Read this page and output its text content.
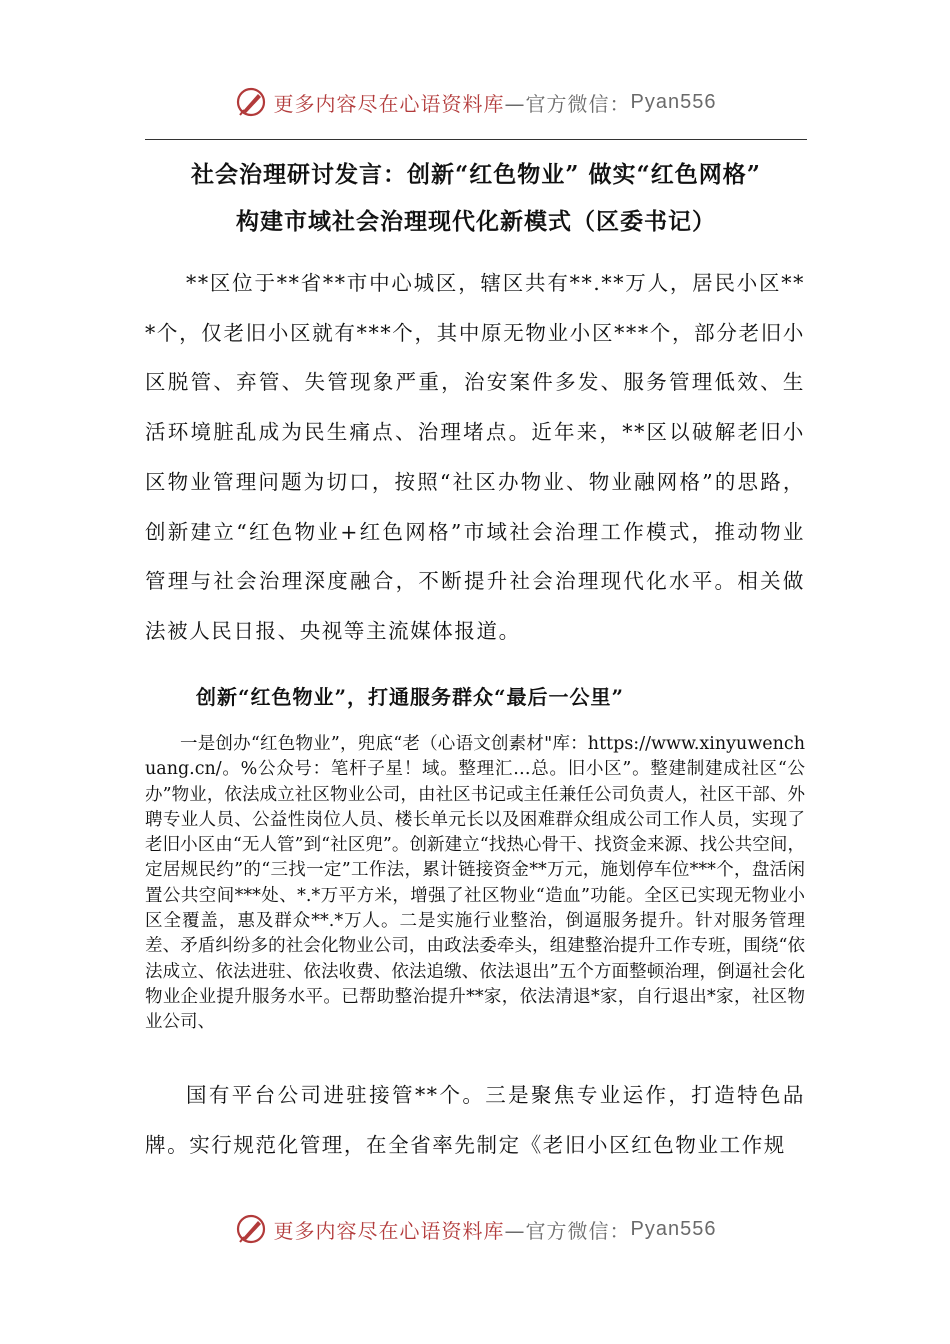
更多内容尽在心语资料库 —官方微信： Pyan556
社会治理研讨发言：创新“红色物业” 做实“红色网格”
构建市域社会治理现代化新模式（区委书记）

**区位于**省**市中心城区，辖区共有**.**万人，居民小区***个，仅老旧小区就有***个，其中原无物业小区***个，部分老旧小区脱管、弃管、失管现象严重，治安案件多发、服务管理低效、生活环境脏乱成为民生痛点、治理堵点。近年来，**区以破解老旧小区物业管理问题为切口，按照“社区办物业、物业融网格”的思路，创新建立“红色物业+红色网格”市域社会治理工作模式，推动物业管理与社会治理深度融合，不断提升社会治理现代化水平。相关做法被人民日报、央视等主流媒体报道。

创新“红色物业”，打通服务群众“最后一公里”

一是创办“红色物业”，兜底“老（心语文创素材"库：https://www.xinyuwenchuang.cn/。%公众号：笔杆子星！域。整理汇…总。旧小区”。整建制建成社区“公办”物业，依法成立社区物业公司，由社区书记或主任兼任公司负责人，社区干部、外聘专业人员、公益性岗位人员、楼长单元长以及困难群众组成公司工作人员，实现了老旧小区由“无人管”到“社区兜”。创新建立“找热心骨干、找资金来源、找公共空间，定居规民约”的“三找一定”工作法，累计链接资金**万元，施划停车位***个，盘活闲置公共空间***处、*.*万平方米，增强了社区物业“造血”功能。全区已实现无物业小区全覆盖，惠及群众**.*万人。二是实施行业整治，倒逼服务提升。针对服务管理差、矛盾纠纷多的社会化物业公司，由政法委牵头，组建整治提升工作专班，围绕“依法成立、依法进驻、依法收费、依法追缴、依法退出”五个方面整顿治理，倒逼社会化物业企业提升服务水平。已帮助整治提升**家，依法清退*家，自行退出*家，社区物业公司、

国有平台公司进驻接管**个。三是聚焦专业运作，打造特色品牌。实行规范化管理，在全省率先制定《老旧小区红色物业工作规

更多内容尽在心语资料库 —官方微信： Pyan556
